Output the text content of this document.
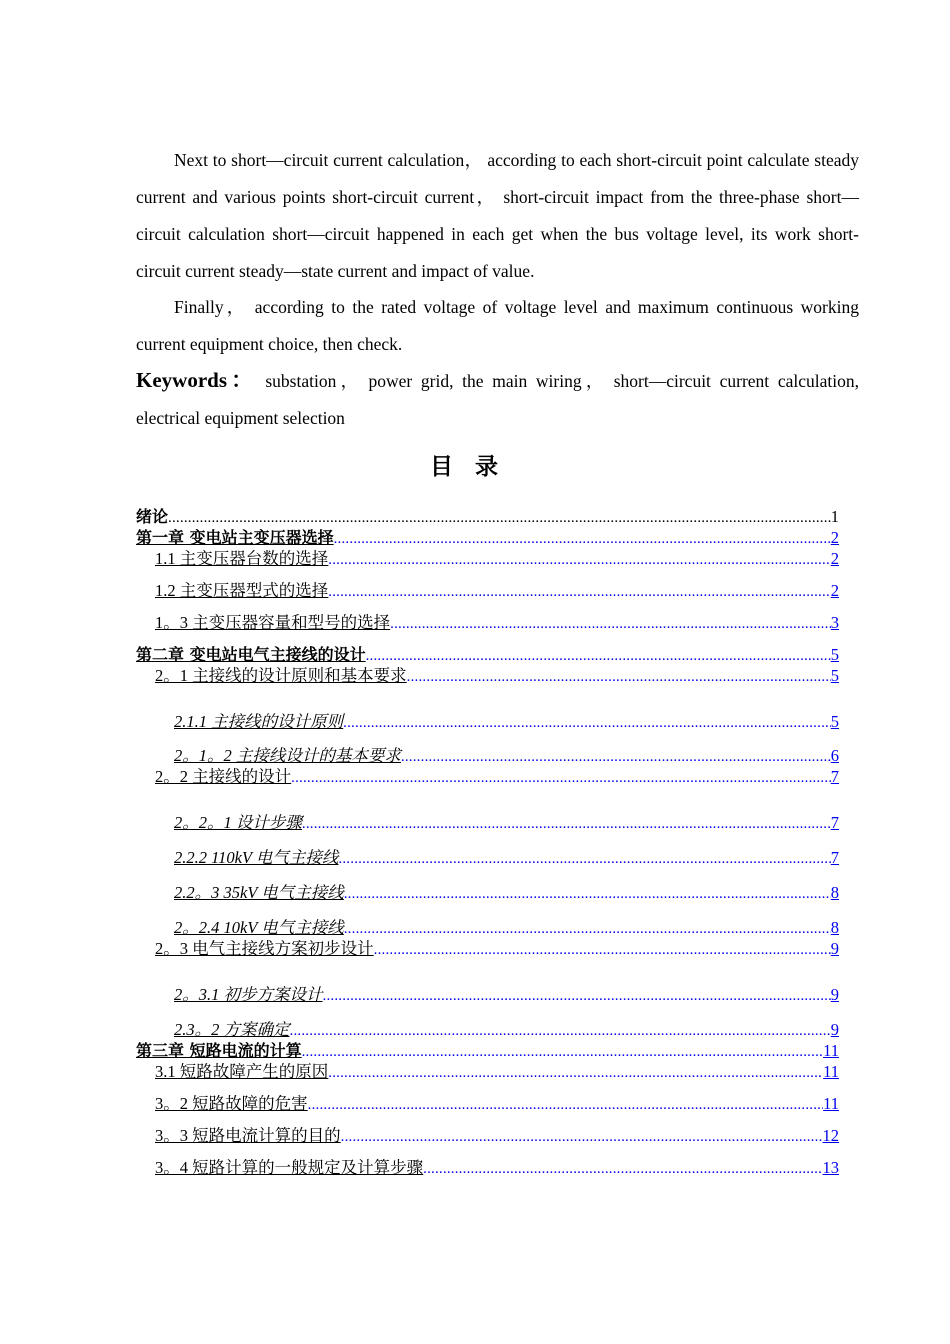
Next to short—circuit current calculation， according to each short-circuit point calculate steady current and various points short-circuit current， short-circuit impact from the three-phase short—circuit calculation short—circuit happened in each get when the bus voltage level, its work short-circuit current steady—state current and impact of value.

Finally， according to the rated voltage of voltage level and maximum continuous working current equipment choice, then check.

Keywords： substation， power grid, the main wiring， short—circuit current calculation, electrical equipment selection

目录
绪论 .....	1
第一章 变电站主变压器选择 .....	2
1.1 主变压器台数的选择 .....	2
1.2 主变压器型式的选择 .....	2
1。3 主变压器容量和型号的选择 .....	3
第二章 变电站电气主接线的设计 .....	5
2。1 主接线的设计原则和基本要求 .....	5
2.1.1 主接线的设计原则 .....	5
2。1。2 主接线设计的基本要求 .....	6
2。2 主接线的设计 .....	7
2。2。1 设计步骤 .....	7
2.2.2 110kV 电气主接线 .....	7
2.2。3 35kV 电气主接线 .....	8
2。2.4 10kV 电气主接线 .....	8
2。3 电气主接线方案初步设计 .....	9
2。3.1 初步方案设计 .....	9
2.3。2 方案确定 .....	9
第三章 短路电流的计算 .....	11
3.1 短路故障产生的原因 .....	11
3。2 短路故障的危害 .....	11
3。3 短路电流计算的目的 .....	12
3。4 短路计算的一般规定及计算步骤 .....	13
